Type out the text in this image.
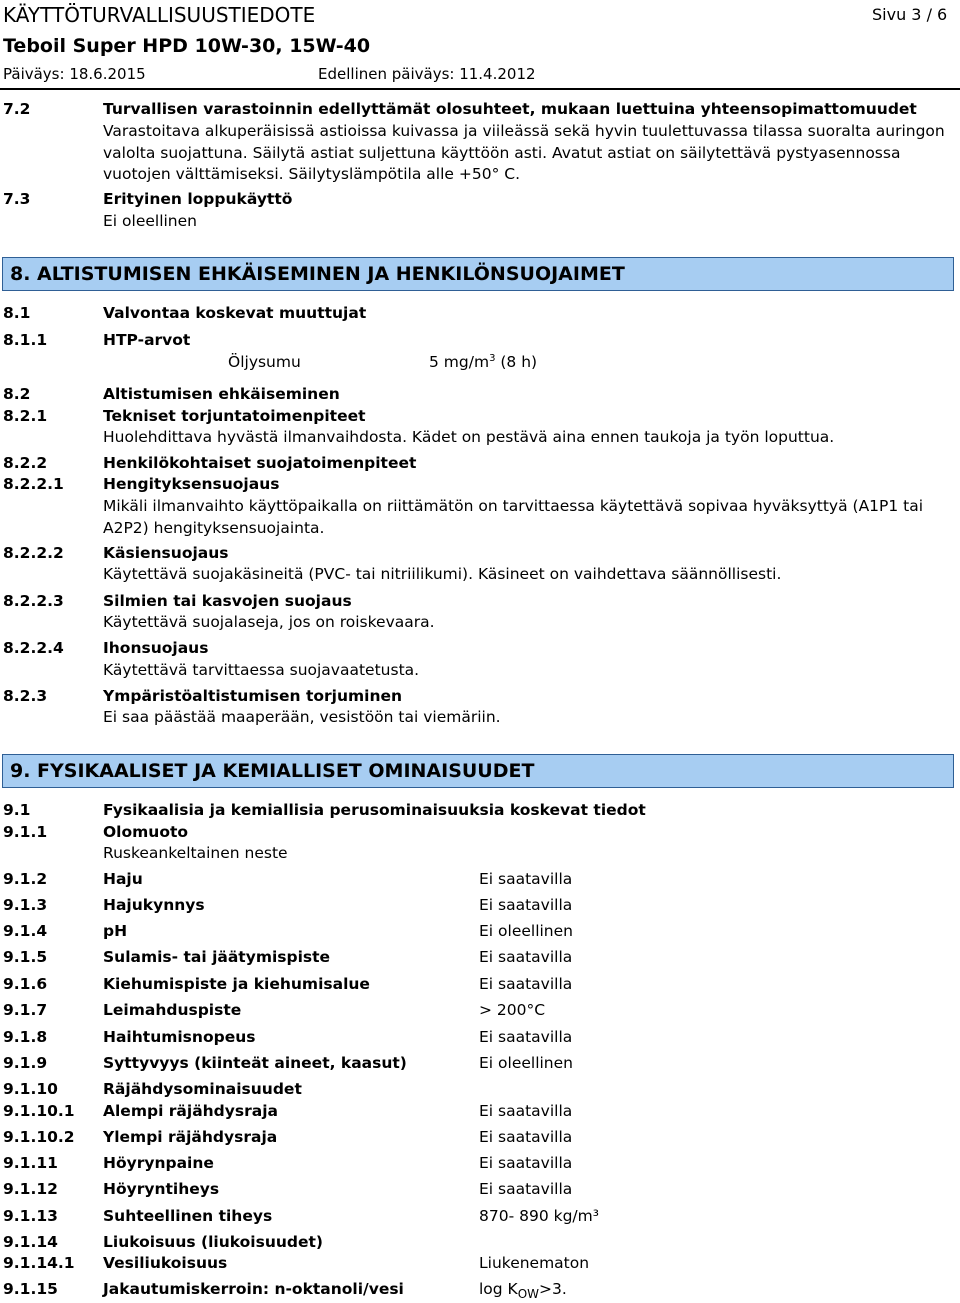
KÄYTTÖTURVALLISUUSTIEDOTE	Sivu 3 / 6
Teboil Super HPD 10W-30, 15W-40
Päiväys: 18.6.2015	Edellinen päiväys: 11.4.2012
7.2	Turvallisen varastoinnin edellyttämät olosuhteet, mukaan luettuina yhteensopimattomuudet
Varastoitava alkuperäisissä astioissa kuivassa ja viileässä sekä hyvin tuulettuvassa tilassa suoralta auringon valolta suojattuna. Säilytä astiat suljettuna käyttöön asti. Avatut astiat on säilytettävä pystyasennossa vuotojen välttämiseksi. Säilytyslämpötila alle +50° C.
7.3	Erityinen loppukäyttö
Ei oleellinen
8. ALTISTUMISEN EHKÄISEMINEN JA HENKILÖNSUOJAIMET
8.1	Valvontaa koskevat muuttujat
8.1.1	HTP-arvot
Öljysumu	5 $mg/m^3$ (8 h)
8.2	Altistumisen ehkäiseminen
8.2.1	Tekniset torjuntatoimenpiteet
Huolehdittava hyvästä ilmanvaihdosta. Kädet on pestävä aina ennen taukoja ja työn loputtua.
8.2.2	Henkilökohtaiset suojatoimenpiteet
8.2.2.1	Hengityksensuojaus
Mikäli ilmanvaihto käyttöpaikalla on riittämätön on tarvittaessa käytettävä sopivaa hyväksyttyä (A1P1 tai A2P2) hengityksensuojainta.
8.2.2.2	Käsiensuojaus
Käytettävä suojakäsineitä (PVC- tai nitriilikumi). Käsineet on vaihdettava säännöllisesti.
8.2.2.3	Silmien tai kasvojen suojaus
Käytettävä suojalaseja, jos on roiskevaara.
8.2.2.4	Ihonsuojaus
Käytettävä tarvittaessa suojavaatetusta.
8.2.3	Ympäristöaltistumisen torjuminen
Ei saa päästää maaperään, vesistöön tai viemäriin.
9. FYSIKAALISET JA KEMIALLISET OMINAISUUDET
9.1	Fysikaalisia ja kemiallisia perusominaisuuksia koskevat tiedot
9.1.1	Olomuoto
Ruskeankeltainen neste
9.1.2	Haju	Ei saatavilla
9.1.3	Hajukynnys	Ei saatavilla
9.1.4	pH	Ei oleellinen
9.1.5	Sulamis- tai jäätymispiste	Ei saatavilla
9.1.6	Kiehumispiste ja kiehumisalue	Ei saatavilla
9.1.7	Leimahduspiste	> 200°C
9.1.8	Haihtumisnopeus	Ei saatavilla
9.1.9	Syttyvyys (kiinteät aineet, kaasut)	Ei oleellinen
9.1.10	Räjähdysominaisuudet
9.1.10.1 Alempi räjähdysraja	Ei saatavilla
9.1.10.2 Ylempi räjähdysraja	Ei saatavilla
9.1.11	Höyrynpaine	Ei saatavilla
9.1.12	Höyryntiheys	Ei saatavilla
9.1.13	Suhteellinen tiheys	870- 890 kg/m³
9.1.14	Liukoisuus (liukoisuudet)
9.1.14.1 Vesiliukoisuus	Liukenematon
9.1.15	Jakautumiskerroin: n-oktanoli/vesi	$\log K_{OW}>3$.
